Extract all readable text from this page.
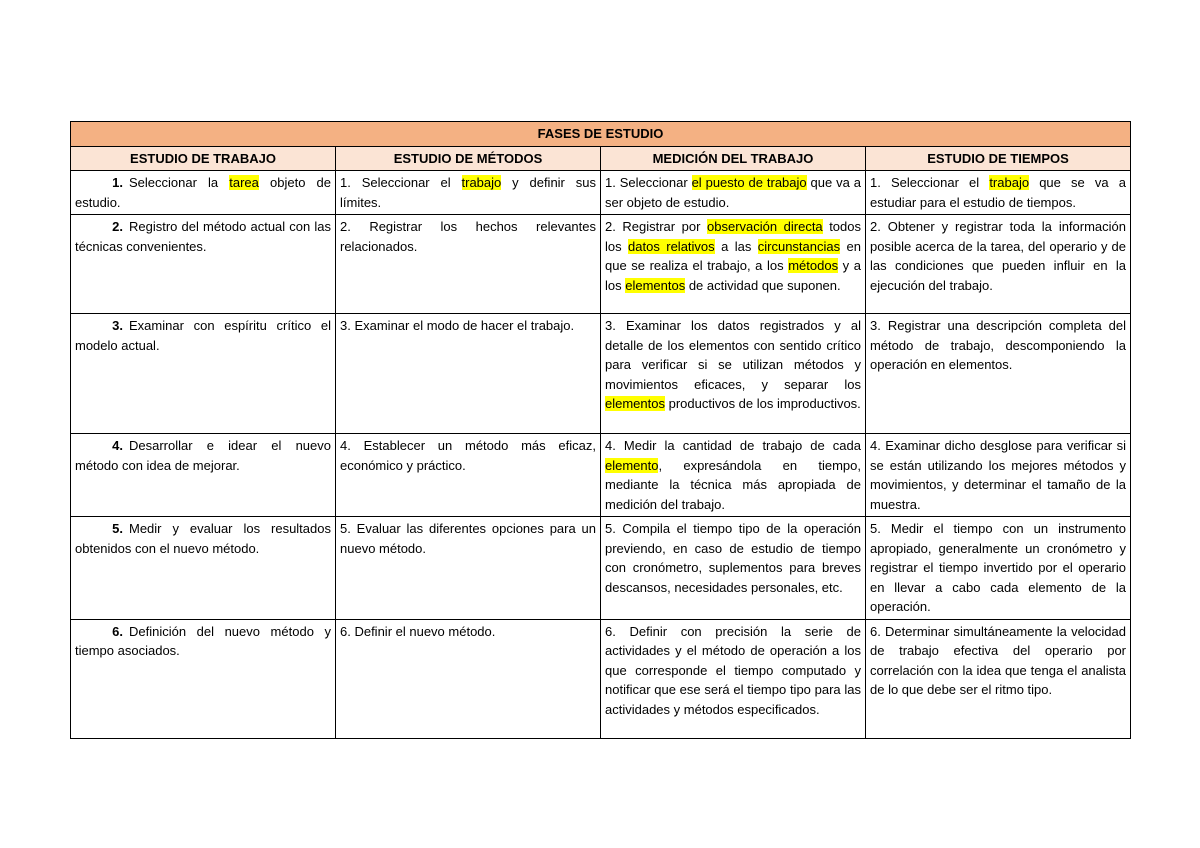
FASES DE ESTUDIO			
ESTUDIO DE TRABAJO	ESTUDIO DE MÉTODOS	MEDICIÓN DEL TRABAJO	ESTUDIO DE TIEMPOS
1. Seleccionar la tarea objeto de estudio.	1. Seleccionar el trabajo y definir sus límites.	1. Seleccionar el puesto de trabajo que va a ser objeto de estudio.	1. Seleccionar el trabajo que se va a estudiar para el estudio de tiempos.
2. Registro del método actual con las técnicas convenientes.	2. Registrar los hechos relevantes relacionados.	2. Registrar por observación directa todos los datos relativos a las circunstancias en que se realiza el trabajo, a los métodos y a los elementos de actividad que suponen.	2. Obtener y registrar toda la información posible acerca de la tarea, del operario y de las condiciones que pueden influir en la ejecución del trabajo.
3. Examinar con espíritu crítico el modelo actual.	3. Examinar el modo de hacer el trabajo.	3. Examinar los datos registrados y al detalle de los elementos con sentido crítico para verificar si se utilizan métodos y movimientos eficaces, y separar los elementos productivos de los improductivos.	3. Registrar una descripción completa del método de trabajo, descomponiendo la operación en elementos.
4. Desarrollar e idear el nuevo método con idea de mejorar.	4. Establecer un método más eficaz, económico y práctico.	4. Medir la cantidad de trabajo de cada elemento, expresándola en tiempo, mediante la técnica más apropiada de medición del trabajo.	4. Examinar dicho desglose para verificar si se están utilizando los mejores métodos y movimientos, y determinar el tamaño de la muestra.
5. Medir y evaluar los resultados obtenidos con el nuevo método.	5. Evaluar las diferentes opciones para un nuevo método.	5. Compila el tiempo tipo de la operación previendo, en caso de estudio de tiempo con cronómetro, suplementos para breves descansos, necesidades personales, etc.	5. Medir el tiempo con un instrumento apropiado, generalmente un cronómetro y registrar el tiempo invertido por el operario en llevar a cabo cada elemento de la operación.
6. Definición del nuevo método y tiempo asociados.	6. Definir el nuevo método.	6. Definir con precisión la serie de actividades y el método de operación a los que corresponde el tiempo computado y notificar que ese será el tiempo tipo para las actividades y métodos especificados.	6. Determinar simultáneamente la velocidad de trabajo efectiva del operario por correlación con la idea que tenga el analista de lo que debe ser el ritmo tipo.
